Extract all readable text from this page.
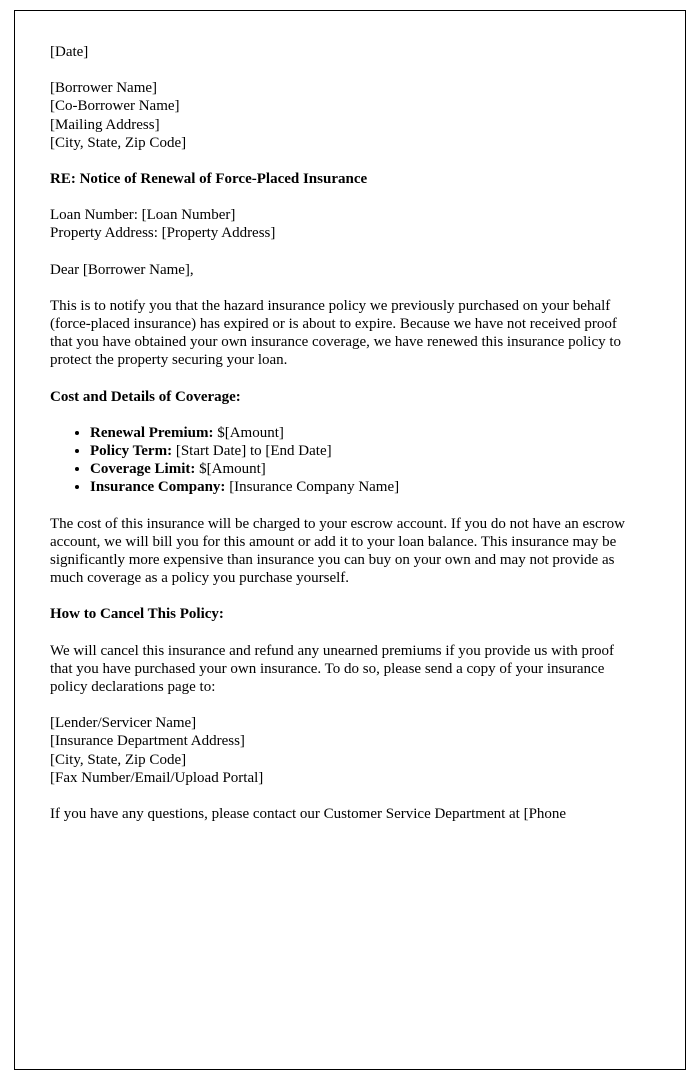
[Date]

[Borrower Name]
[Co-Borrower Name]
[Mailing Address]
[City, State, Zip Code]

RE: Notice of Renewal of Force-Placed Insurance

Loan Number: [Loan Number]
Property Address: [Property Address]

Dear [Borrower Name],

This is to notify you that the hazard insurance policy we previously purchased on your behalf (force-placed insurance) has expired or is about to expire. Because we have not received proof that you have obtained your own insurance coverage, we have renewed this insurance policy to protect the property securing your loan.

Cost and Details of Coverage:

• Renewal Premium: $[Amount]
• Policy Term: [Start Date] to [End Date]
• Coverage Limit: $[Amount]
• Insurance Company: [Insurance Company Name]

The cost of this insurance will be charged to your escrow account. If you do not have an escrow account, we will bill you for this amount or add it to your loan balance. This insurance may be significantly more expensive than insurance you can buy on your own and may not provide as much coverage as a policy you purchase yourself.

How to Cancel This Policy:

We will cancel this insurance and refund any unearned premiums if you provide us with proof that you have purchased your own insurance. To do so, please send a copy of your insurance policy declarations page to:

[Lender/Servicer Name]
[Insurance Department Address]
[City, State, Zip Code]
[Fax Number/Email/Upload Portal]

If you have any questions, please contact our Customer Service Department at [Phone
